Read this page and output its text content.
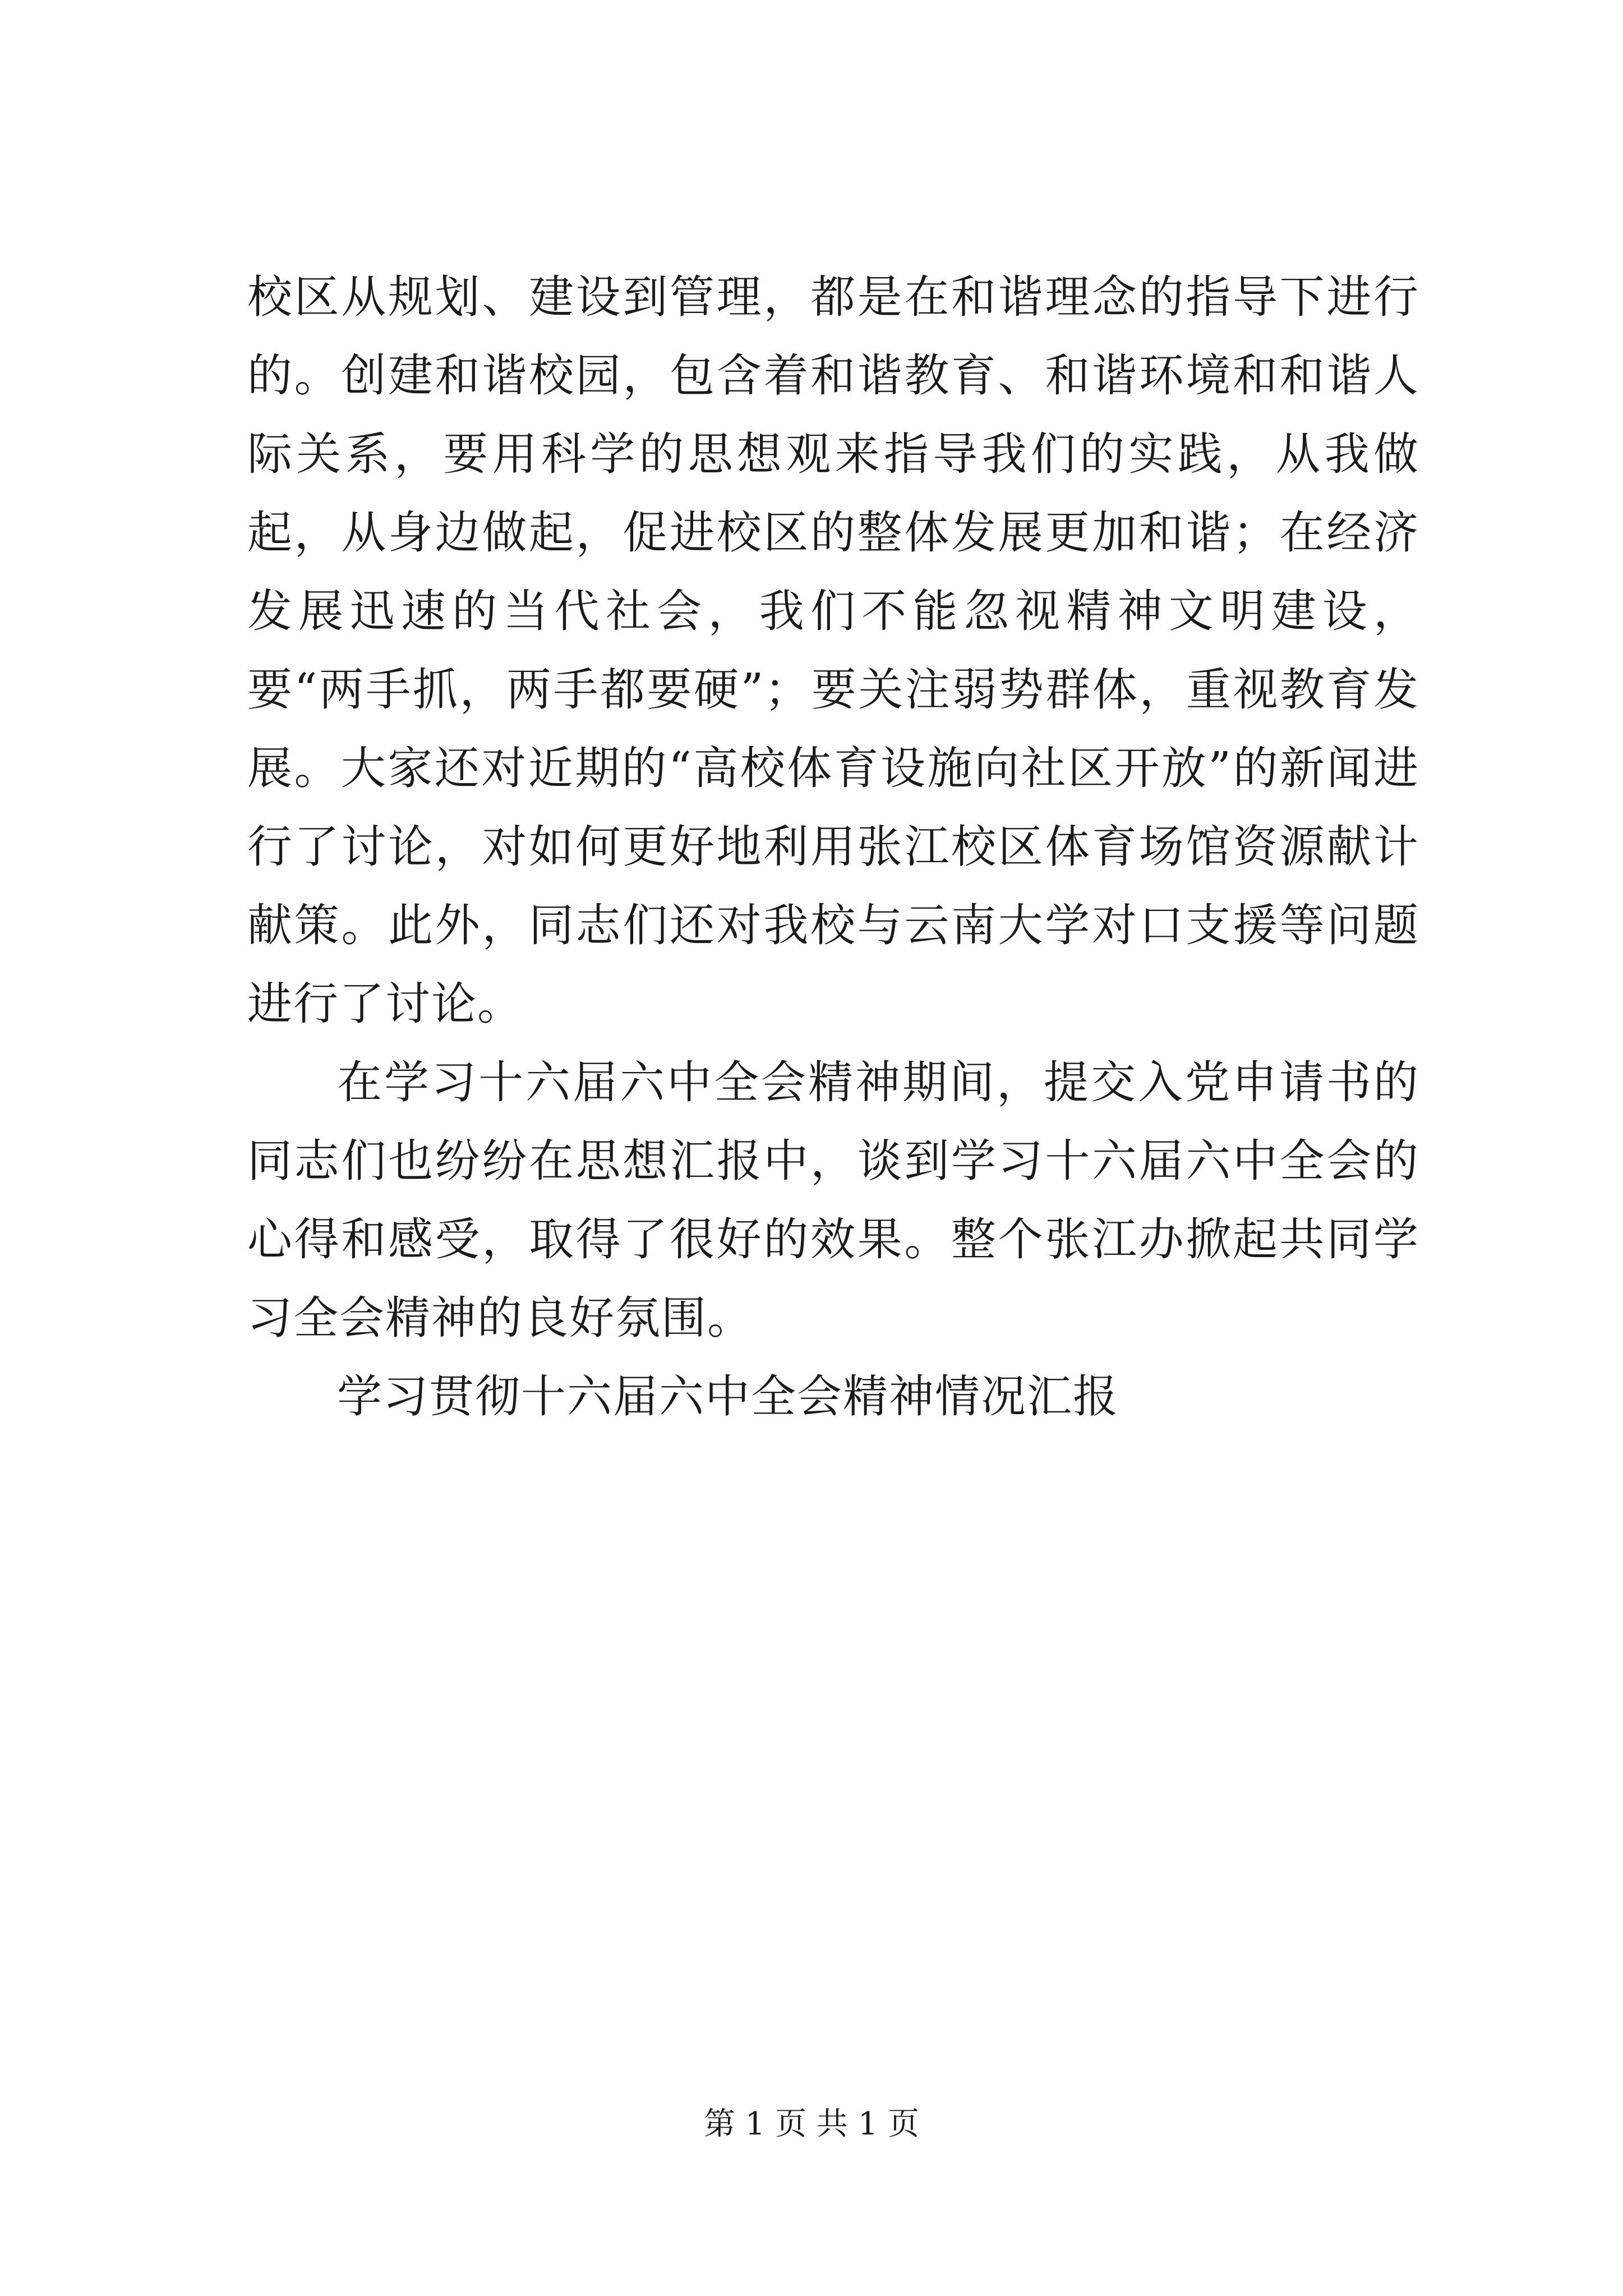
校区从规划、建设到管理，都是在和谐理念的指导下进行的。创建和谐校园，包含着和谐教育、和谐环境和和谐人际关系，要用科学的思想观来指导我们的实践，从我做起，从身边做起，促进校区的整体发展更加和谐；在经济发展迅速的当代社会，我们不能忽视精神文明建设，要“两手抓，两手都要硬”；要关注弱势群体，重视教育发展。大家还对近期的“高校体育设施向社区开放”的新闻进行了讨论，对如何更好地利用张江校区体育场馆资源献计献策。此外，同志们还对我校与云南大学对口支援等问题进行了讨论。

在学习十六届六中全会精神期间，提交入党申请书的同志们也纷纷在思想汇报中，谈到学习十六届六中全会的心得和感受，取得了很好的效果。整个张江办掀起共同学习全会精神的良好氛围。

学习贯彻十六届六中全会精神情况汇报

第 1 页 共 1 页
